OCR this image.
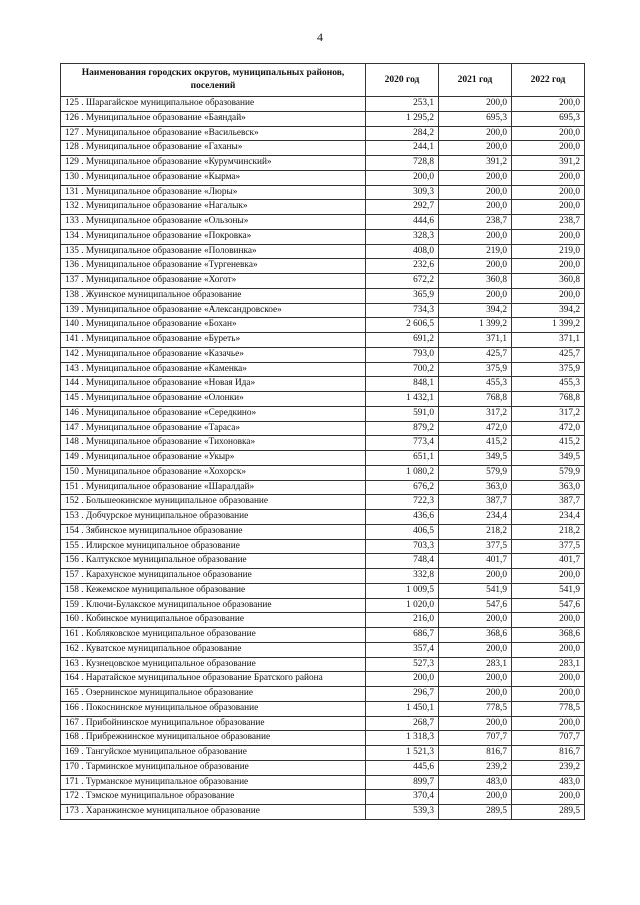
4
Наименования городских округов, муниципальных районов, поселений	2020 год	2021 год	2022 год
125 . Шарагайское муниципальное образование	253,1	200,0	200,0
126 . Муниципальное образование «Баяндай»	1 295,2	695,3	695,3
127 . Муниципальное образование «Васильевск»	284,2	200,0	200,0
128 . Муниципальное образование «Гаханы»	244,1	200,0	200,0
129 . Муниципальное образование «Курумчинский»	728,8	391,2	391,2
130 . Муниципальное образование «Кырма»	200,0	200,0	200,0
131 . Муниципальное образование «Люры»	309,3	200,0	200,0
132 . Муниципальное образование «Нагалык»	292,7	200,0	200,0
133 . Муниципальное образование «Ользоны»	444,6	238,7	238,7
134 . Муниципальное образование «Покровка»	328,3	200,0	200,0
135 . Муниципальное образование «Половинка»	408,0	219,0	219,0
136 . Муниципальное образование «Тургеневка»	232,6	200,0	200,0
137 . Муниципальное образование «Хогот»	672,2	360,8	360,8
138 . Жуинское муниципальное образование	365,9	200,0	200,0
139 . Муниципальное образование «Александровское»	734,3	394,2	394,2
140 . Муниципальное образование «Бохан»	2 606,5	1 399,2	1 399,2
141 . Муниципальное образование «Буреть»	691,2	371,1	371,1
142 . Муниципальное образование «Казачье»	793,0	425,7	425,7
143 . Муниципальное образование «Каменка»	700,2	375,9	375,9
144 . Муниципальное образование «Новая Ида»	848,1	455,3	455,3
145 . Муниципальное образование «Олонки»	1 432,1	768,8	768,8
146 . Муниципальное образование «Середкино»	591,0	317,2	317,2
147 . Муниципальное образование «Тараса»	879,2	472,0	472,0
148 . Муниципальное образование «Тихоновка»	773,4	415,2	415,2
149 . Муниципальное образование «Укыр»	651,1	349,5	349,5
150 . Муниципальное образование «Хохорск»	1 080,2	579,9	579,9
151 . Муниципальное образование «Шаралдай»	676,2	363,0	363,0
152 . Большеокинское муниципальное образование	722,3	387,7	387,7
153 . Добчурское муниципальное образование	436,6	234,4	234,4
154 . Зябинское муниципальное образование	406,5	218,2	218,2
155 . Илирское муниципальное образование	703,3	377,5	377,5
156 . Калтукское муниципальное образование	748,4	401,7	401,7
157 . Карахунское муниципальное образование	332,8	200,0	200,0
158 . Кежемское муниципальное образование	1 009,5	541,9	541,9
159 . Ключи-Булакское муниципальное образование	1 020,0	547,6	547,6
160 . Кобинское муниципальное образование	216,0	200,0	200,0
161 . Кобляковское муниципальное образование	686,7	368,6	368,6
162 . Куватское муниципальное образование	357,4	200,0	200,0
163 . Кузнецовское муниципальное образование	527,3	283,1	283,1
164 . Наратайское муниципальное образование Братского района	200,0	200,0	200,0
165 . Озернинское муниципальное образование	296,7	200,0	200,0
166 . Покоснинское муниципальное образование	1 450,1	778,5	778,5
167 . Прибойнинское муниципальное образование	268,7	200,0	200,0
168 . Прибрежнинское муниципальное образование	1 318,3	707,7	707,7
169 . Тангуйское муниципальное образование	1 521,3	816,7	816,7
170 . Тарминское муниципальное образование	445,6	239,2	239,2
171 . Турманское муниципальное образование	899,7	483,0	483,0
172 . Тэмское муниципальное образование	370,4	200,0	200,0
173 . Харанжинское муниципальное образование	539,3	289,5	289,5
